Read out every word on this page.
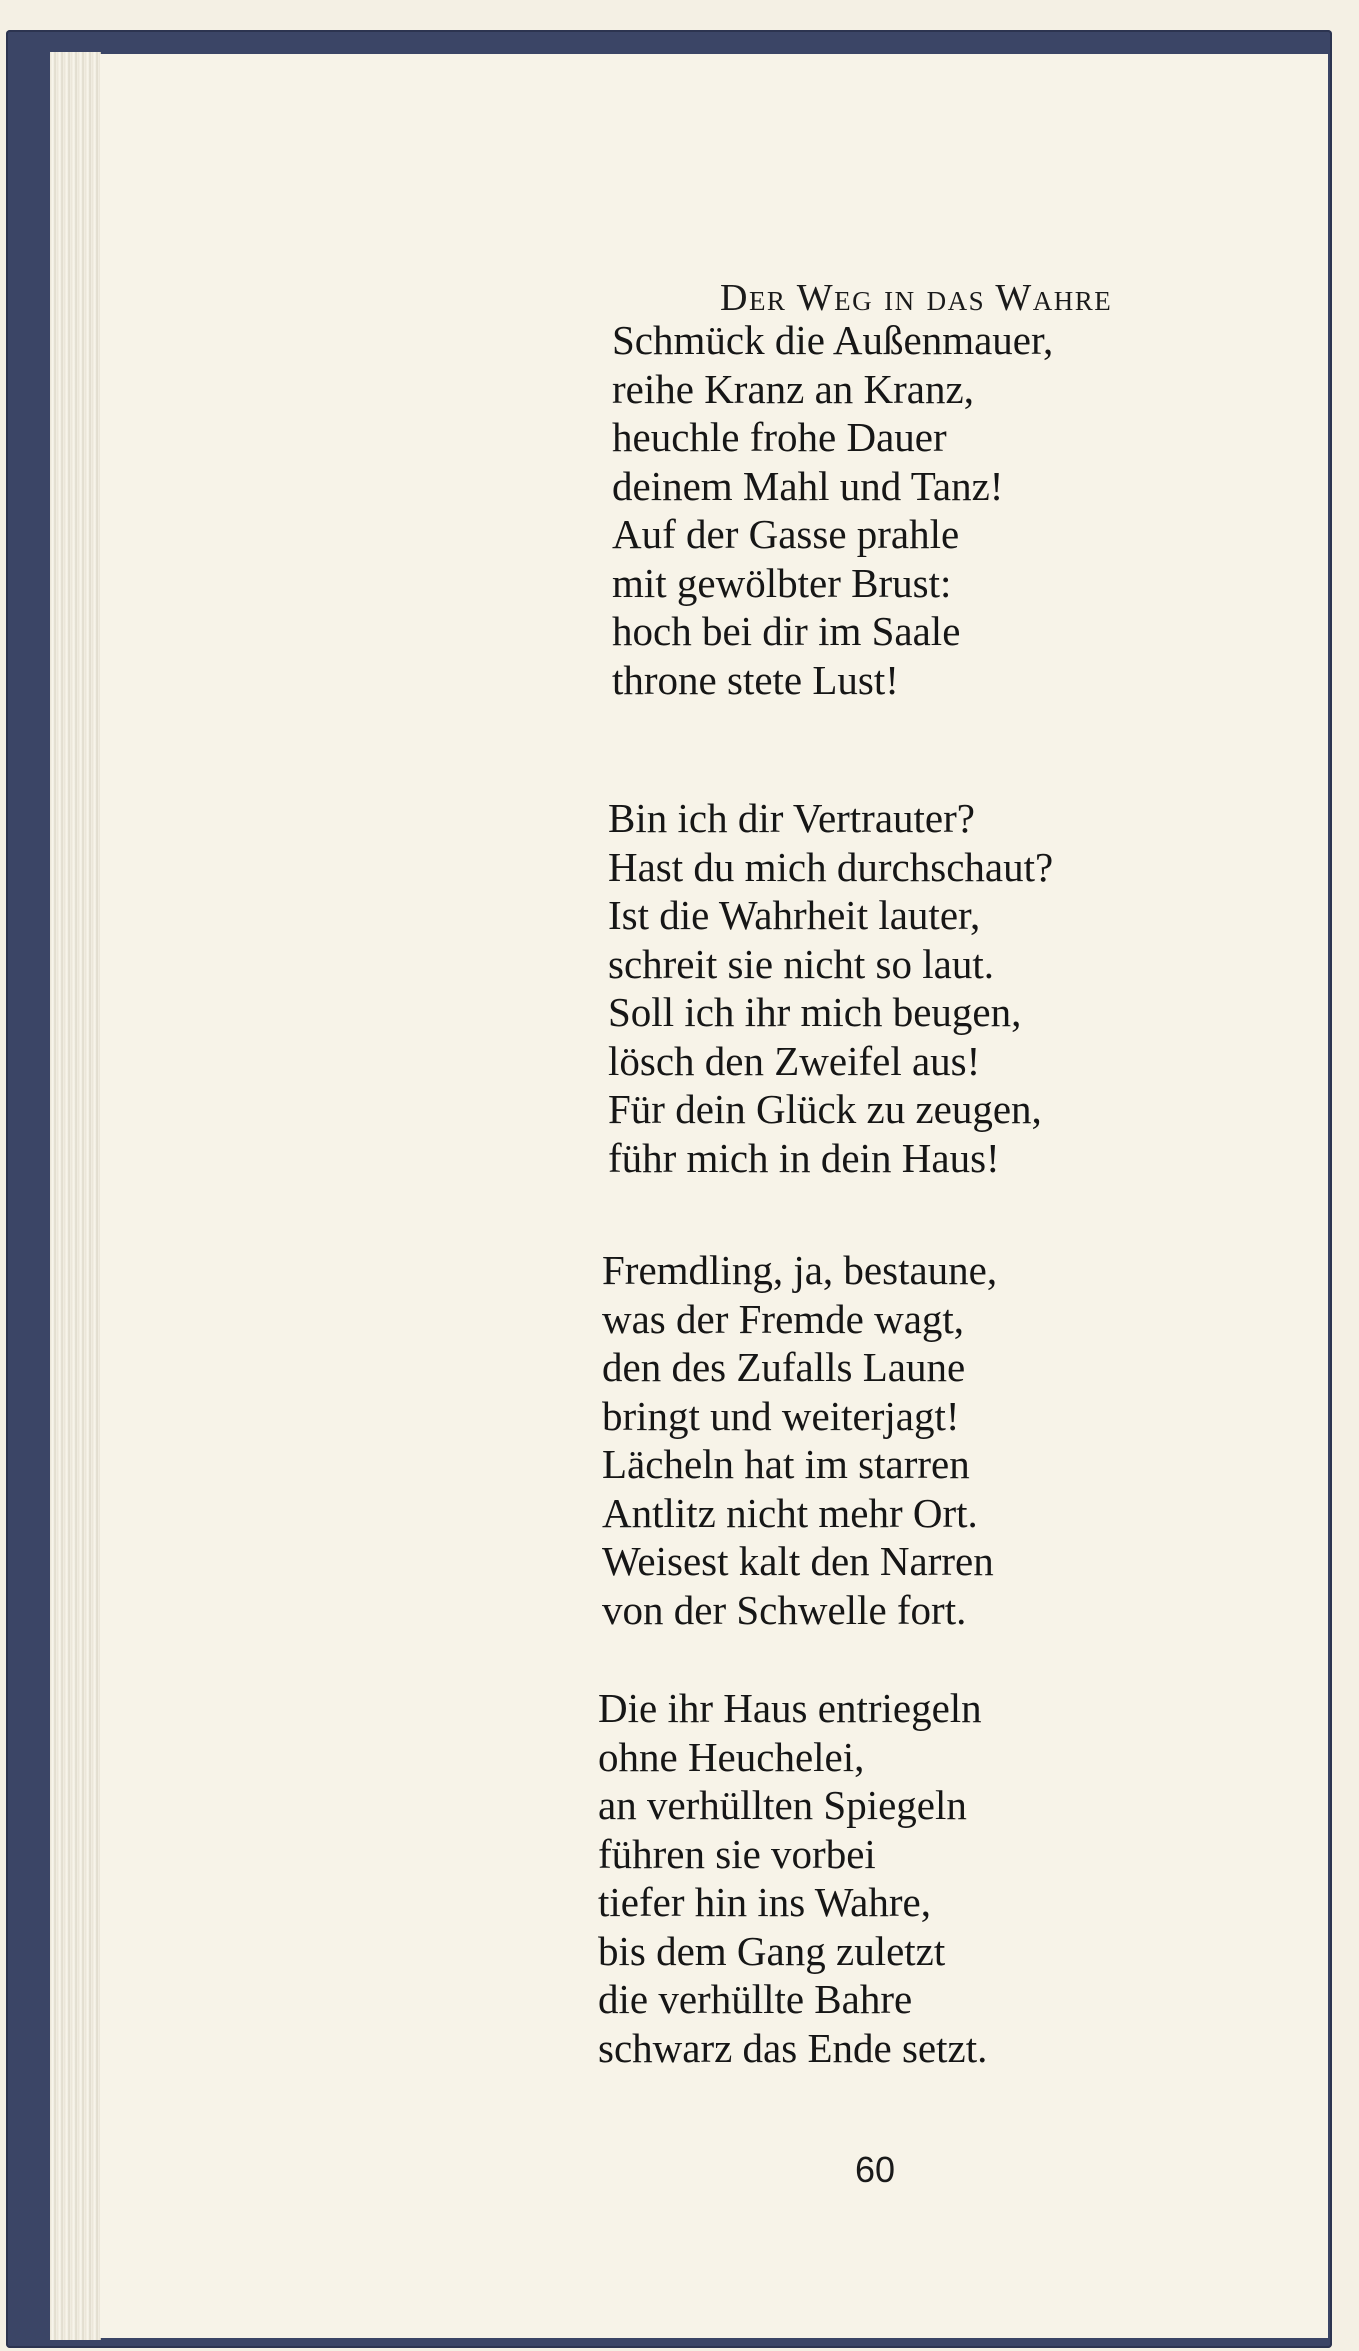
Der Weg in das Wahre
Schmück die Außenmauer,
reihe Kranz an Kranz,
heuchle frohe Dauer
deinem Mahl und Tanz!
Auf der Gasse prahle
mit gewölbter Brust:
hoch bei dir im Saale
throne stete Lust!
Bin ich dir Vertrauter?
Hast du mich durchschaut?
Ist die Wahrheit lauter,
schreit sie nicht so laut.
Soll ich ihr mich beugen,
lösch den Zweifel aus!
Für dein Glück zu zeugen,
führ mich in dein Haus!
Fremdling, ja, bestaune,
was der Fremde wagt,
den des Zufalls Laune
bringt und weiterjagt!
Lächeln hat im starren
Antlitz nicht mehr Ort.
Weisest kalt den Narren
von der Schwelle fort.
Die ihr Haus entriegeln
ohne Heuchelei,
an verhüllten Spiegeln
führen sie vorbei
tiefer hin ins Wahre,
bis dem Gang zuletzt
die verhüllte Bahre
schwarz das Ende setzt.
60
